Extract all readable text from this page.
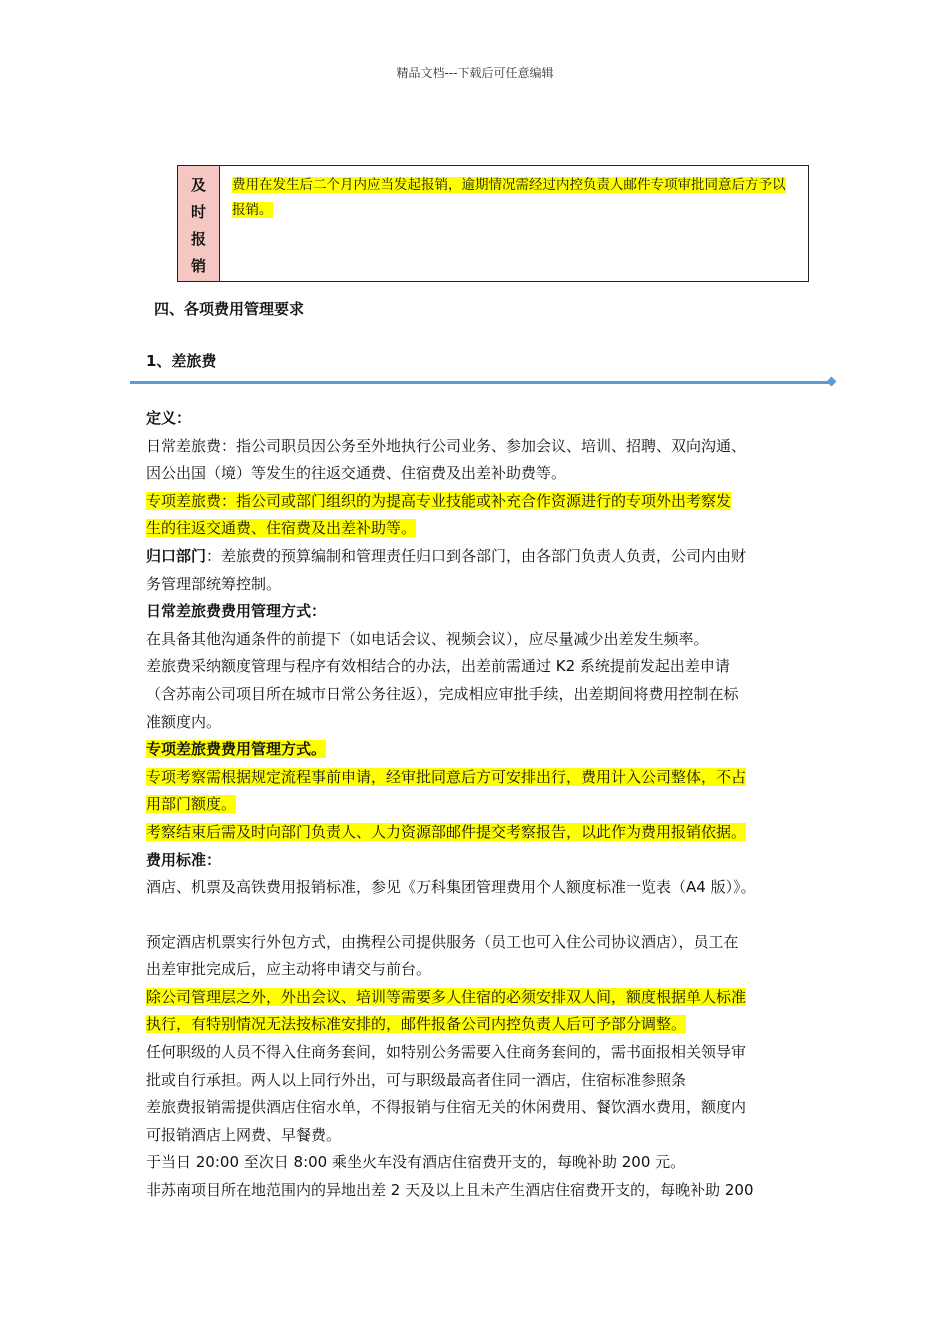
精品文档---下载后可任意编辑
及
时
报
销
费用在发生后二个月内应当发起报销，逾期情况需经过内控负责人邮件专项审批同意后方予以报销。
四、各项费用管理要求
1、差旅费

定义：

日常差旅费：指公司职员因公务至外地执行公司业务、参加会议、培训、招聘、双向沟通、

因公出国（境）等发生的往返交通费、住宿费及出差补助费等。

专项差旅费：指公司或部门组织的为提高专业技能或补充合作资源进行的专项外出考察发

生的往返交通费、住宿费及出差补助等。

归口部门：差旅费的预算编制和管理责任归口到各部门，由各部门负责人负责，公司内由财

务管理部统筹控制。

日常差旅费费用管理方式：

在具备其他沟通条件的前提下（如电话会议、视频会议），应尽量减少出差发生频率。

差旅费采纳额度管理与程序有效相结合的办法，出差前需通过 K2 系统提前发起出差申请

（含苏南公司项目所在城市日常公务往返），完成相应审批手续，出差期间将费用控制在标

准额度内。

专项差旅费费用管理方式。

专项考察需根据规定流程事前申请，经审批同意后方可安排出行，费用计入公司整体，不占

用部门额度。

考察结束后需及时向部门负责人、人力资源部邮件提交考察报告，以此作为费用报销依据。

费用标准：

酒店、机票及高铁费用报销标准，参见《万科集团管理费用个人额度标准一览表（A4 版）》。

预定酒店机票实行外包方式，由携程公司提供服务（员工也可入住公司协议酒店），员工在

出差审批完成后，应主动将申请交与前台。

除公司管理层之外，外出会议、培训等需要多人住宿的必须安排双人间，额度根据单人标准

执行，有特别情况无法按标准安排的，邮件报备公司内控负责人后可予部分调整。

任何职级的人员不得入住商务套间，如特别公务需要入住商务套间的，需书面报相关领导审

批或自行承担。两人以上同行外出，可与职级最高者住同一酒店，住宿标准参照条

差旅费报销需提供酒店住宿水单，不得报销与住宿无关的休闲费用、餐饮酒水费用，额度内

可报销酒店上网费、早餐费。

于当日 20:00 至次日 8:00 乘坐火车没有酒店住宿费开支的，每晚补助 200 元。

非苏南项目所在地范围内的异地出差 2 天及以上且未产生酒店住宿费开支的，每晚补助 200
